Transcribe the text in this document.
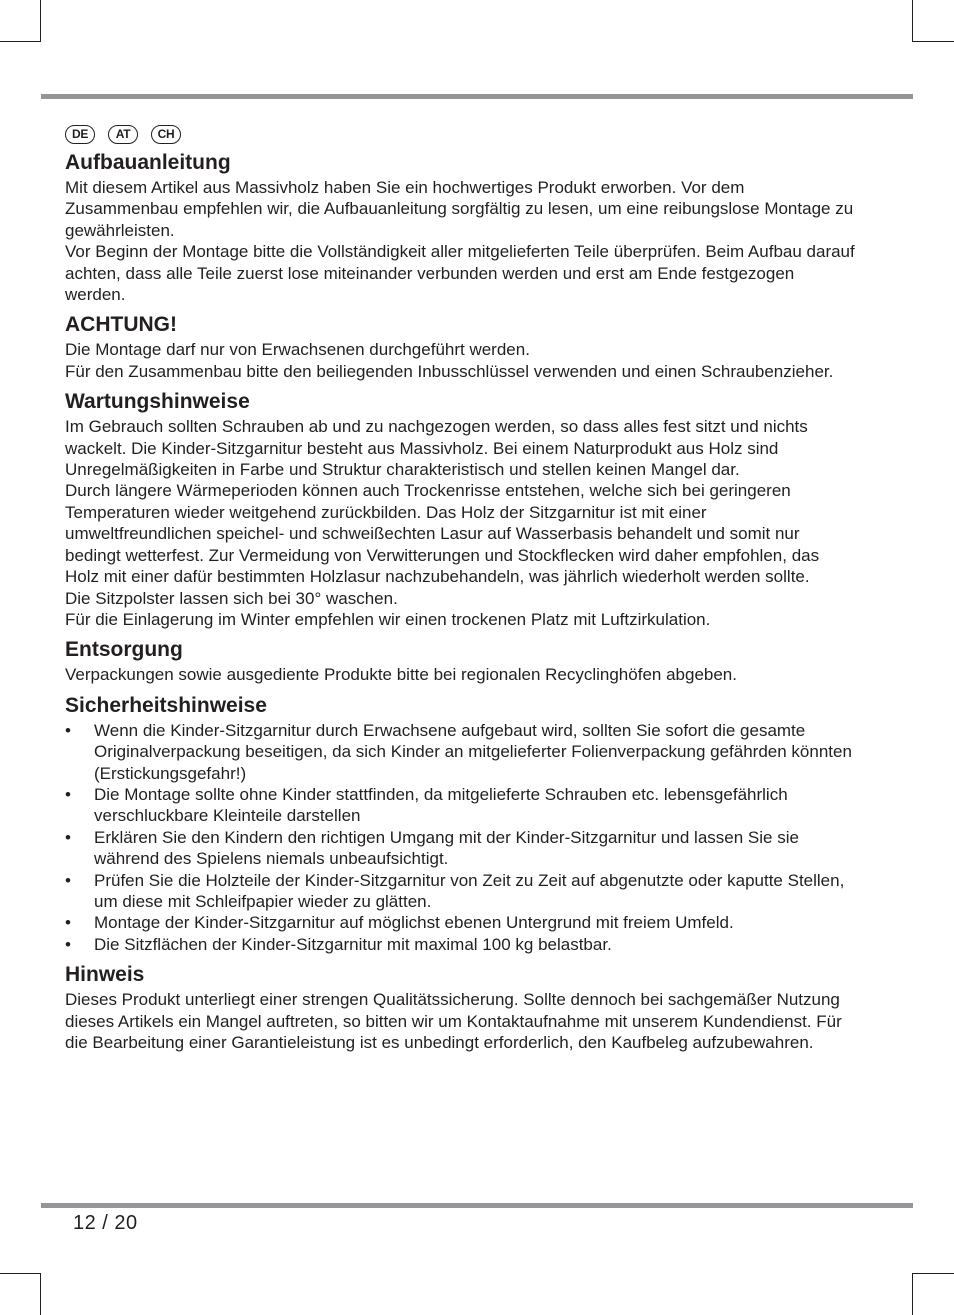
DE	AT	CH
Aufbauanleitung

Mit diesem Artikel aus Massivholz haben Sie ein hochwertiges Produkt erworben. Vor dem Zusammenbau empfehlen wir, die Aufbauanleitung sorgfältig zu lesen, um eine reibungslose Montage zu gewährleisten.

Vor Beginn der Montage bitte die Vollständigkeit aller mitgelieferten Teile überprüfen. Beim Aufbau darauf achten, dass alle Teile zuerst lose miteinander verbunden werden und erst am Ende festgezogen werden.

ACHTUNG!

Die Montage darf nur von Erwachsenen durchgeführt werden.

Für den Zusammenbau bitte den beiliegenden Inbusschlüssel verwenden und einen Schraubenzieher.

Wartungshinweise

Im Gebrauch sollten Schrauben ab und zu nachgezogen werden, so dass alles fest sitzt und nichts wackelt. Die Kinder-Sitzgarnitur besteht aus Massivholz. Bei einem Naturprodukt aus Holz sind Unregelmäßigkeiten in Farbe und Struktur charakteristisch und stellen keinen Mangel dar.

Durch längere Wärmeperioden können auch Trockenrisse entstehen, welche sich bei geringeren Temperaturen wieder weitgehend zurückbilden. Das Holz der Sitzgarnitur ist mit einer umweltfreundlichen speichel- und schweißechten Lasur auf Wasserbasis behandelt und somit nur bedingt wetterfest. Zur Vermeidung von Verwitterungen und Stockflecken wird daher empfohlen, das Holz mit einer dafür bestimmten Holzlasur nachzubehandeln, was jährlich wiederholt werden sollte.

Die Sitzpolster lassen sich bei 30° waschen.

Für die Einlagerung im Winter empfehlen wir einen trockenen Platz mit Luftzirkulation.

Entsorgung

Verpackungen sowie ausgediente Produkte bitte bei regionalen Recyclinghöfen abgeben.

Sicherheitshinweise
• Wenn die Kinder-Sitzgarnitur durch Erwachsene aufgebaut wird, sollten Sie sofort die gesamte Originalverpackung beseitigen, da sich Kinder an mitgelieferter Folienverpackung gefährden könnten (Erstickungsgefahr!)
• Die Montage sollte ohne Kinder stattfinden, da mitgelieferte Schrauben etc. lebensgefährlich verschluckbare Kleinteile darstellen
• Erklären Sie den Kindern den richtigen Umgang mit der Kinder-Sitzgarnitur und lassen Sie sie während des Spielens niemals unbeaufsichtigt.
• Prüfen Sie die Holzteile der Kinder-Sitzgarnitur von Zeit zu Zeit auf abgenutzte oder kaputte Stellen, um diese mit Schleifpapier wieder zu glätten.
• Montage der Kinder-Sitzgarnitur auf möglichst ebenen Untergrund mit freiem Umfeld.
• Die Sitzflächen der Kinder-Sitzgarnitur mit maximal 100 kg belastbar.
Hinweis

Dieses Produkt unterliegt einer strengen Qualitätssicherung. Sollte dennoch bei sachgemäßer Nutzung dieses Artikels ein Mangel auftreten, so bitten wir um Kontaktaufnahme mit unserem Kundendienst. Für die Bearbeitung einer Garantieleistung ist es unbedingt erforderlich, den Kaufbeleg aufzubewahren.

12 / 20
